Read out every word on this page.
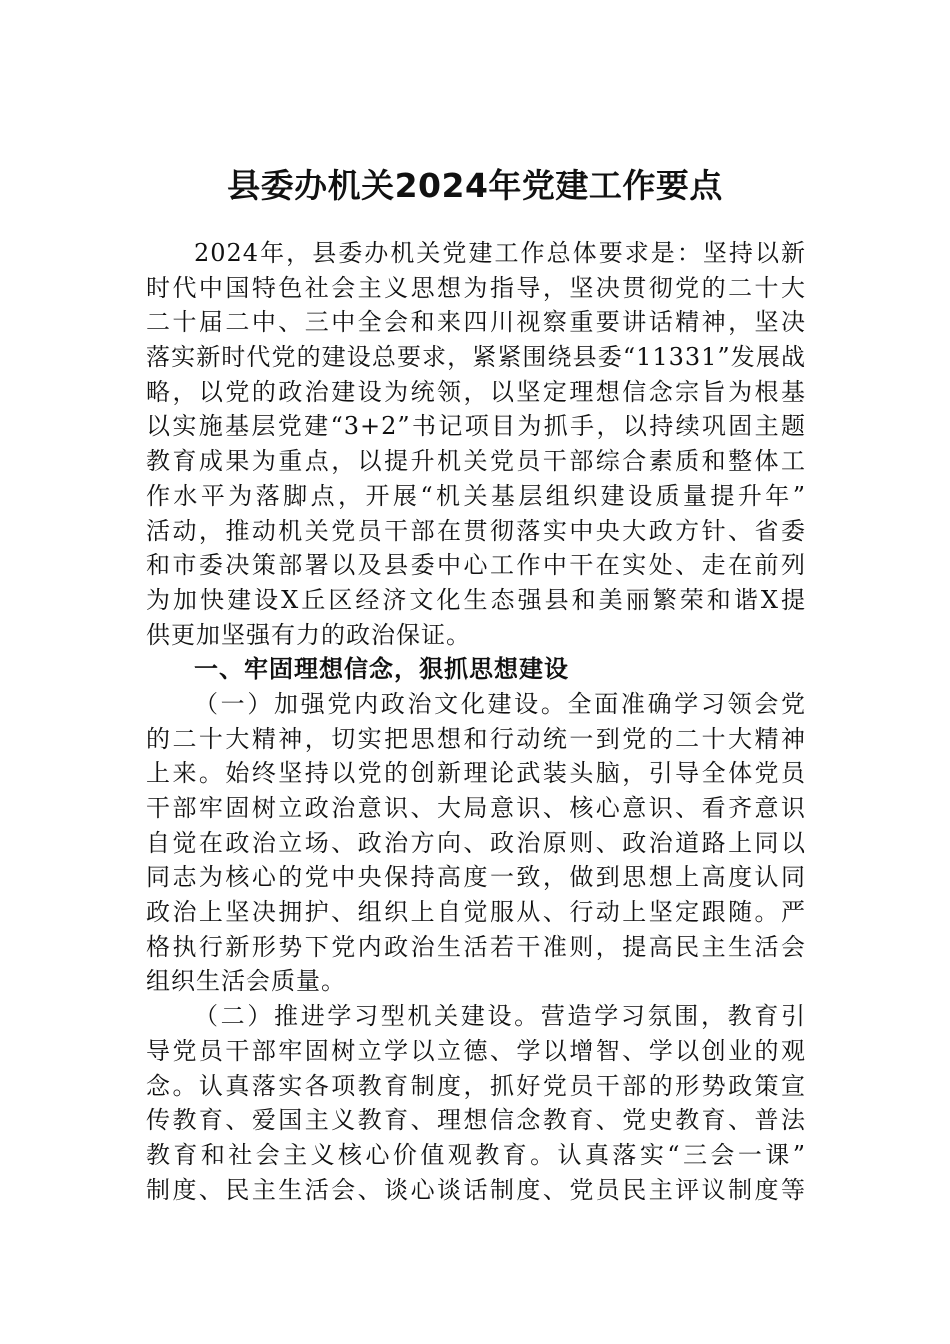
县委办机关2024年党建工作要点
2024年，县委办机关党建工作总体要求是：坚持以新
时代中国特色社会主义思想为指导，坚决贯彻党的二十大
二十届二中、三中全会和来四川视察重要讲话精神，坚决
落实新时代党的建设总要求，紧紧围绕县委“11331”发展战
略，以党的政治建设为统领，以坚定理想信念宗旨为根基
以实施基层党建“3+2”书记项目为抓手，以持续巩固主题
教育成果为重点，以提升机关党员干部综合素质和整体工
作水平为落脚点，开展“机关基层组织建设质量提升年”
活动，推动机关党员干部在贯彻落实中央大政方针、省委
和市委决策部署以及县委中心工作中干在实处、走在前列
为加快建设X丘区经济文化生态强县和美丽繁荣和谐X提
供更加坚强有力的政治保证。
一、牢固理想信念，狠抓思想建设
（一）加强党内政治文化建设。全面准确学习领会党
的二十大精神，切实把思想和行动统一到党的二十大精神
上来。始终坚持以党的创新理论武装头脑，引导全体党员
干部牢固树立政治意识、大局意识、核心意识、看齐意识
自觉在政治立场、政治方向、政治原则、政治道路上同以
同志为核心的党中央保持高度一致，做到思想上高度认同
政治上坚决拥护、组织上自觉服从、行动上坚定跟随。严
格执行新形势下党内政治生活若干准则，提高民主生活会
组织生活会质量。
（二）推进学习型机关建设。营造学习氛围，教育引
导党员干部牢固树立学以立德、学以增智、学以创业的观
念。认真落实各项教育制度，抓好党员干部的形势政策宣
传教育、爱国主义教育、理想信念教育、党史教育、普法
教育和社会主义核心价值观教育。认真落实“三会一课”
制度、民主生活会、谈心谈话制度、党员民主评议制度等
